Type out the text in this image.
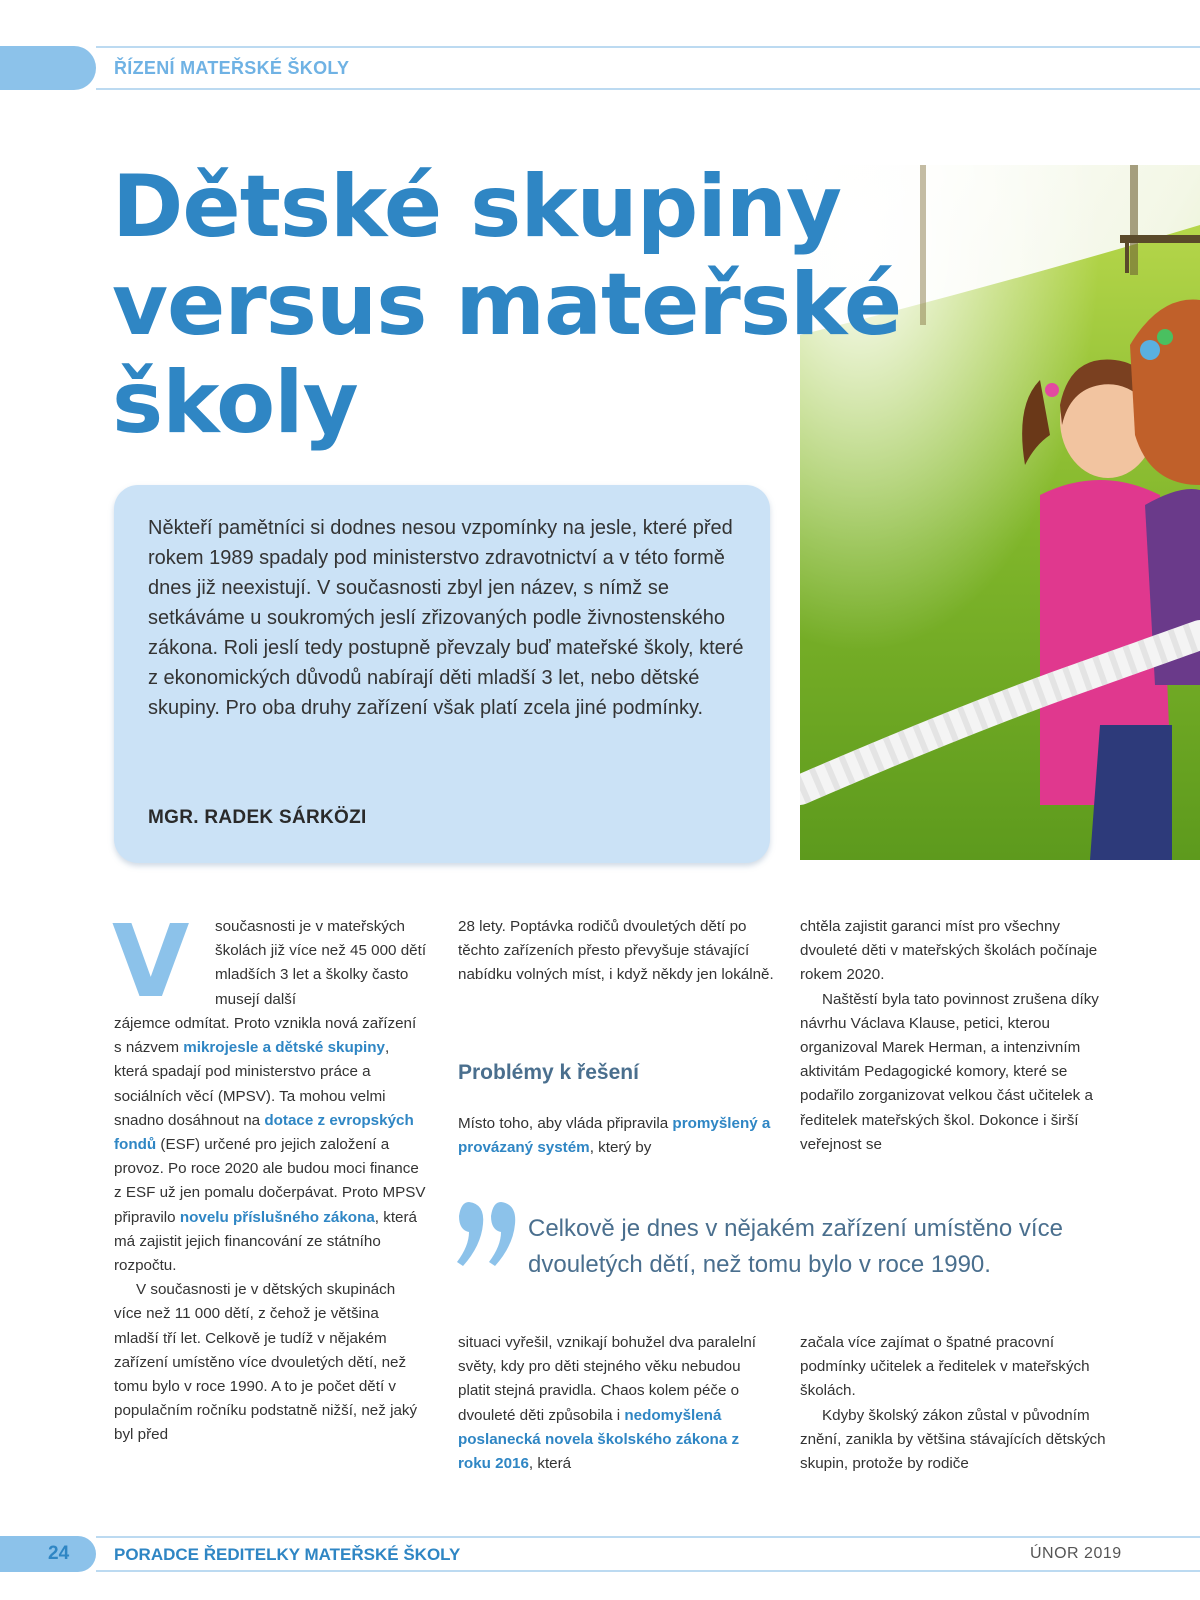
ŘÍZENÍ MATEŘSKÉ ŠKOLY
Dětské skupiny
versus mateřské
školy
Někteří pamětníci si dodnes nesou vzpomínky na jesle, které před rokem 1989 spadaly pod ministerstvo zdravotnictví a v této formě dnes již neexistují. V současnosti zbyl jen název, s nímž se setkáváme u soukromých jeslí zřizovaných podle živnostenského zákona. Roli jeslí tedy postupně převzaly buď mateřské školy, které z ekonomických důvodů nabírají děti mladší 3 let, nebo dětské skupiny. Pro oba druhy zařízení však platí zcela jiné podmínky.
MGR. RADEK SÁRKÖZI
V současnosti je v mateřských školách již více než 45 000 dětí mladších 3 let a školky často musejí další

zájemce odmítat. Proto vznikla nová zařízení s názvem mikrojesle a dětské skupiny, která spadají pod ministerstvo práce a sociálních věcí (MPSV). Ta mohou velmi snadno dosáhnout na dotace z evropských fondů (ESF) určené pro jejich založení a provoz. Po roce 2020 ale budou moci finance z ESF už jen pomalu dočerpávat. Proto MPSV připravilo novelu příslušného zákona, která má zajistit jejich financování ze státního rozpočtu.

V současnosti je v dětských skupinách více než 11 000 dětí, z čehož je většina mladší tří let. Celkově je tudíž v nějakém zařízení umístěno více dvouletých dětí, než tomu bylo v roce 1990. A to je počet dětí v populačním ročníku podstatně nižší, než jaký byl před

28 lety. Poptávka rodičů dvouletých dětí po těchto zařízeních přesto převyšuje stávající nabídku volných míst, i když někdy jen lokálně.

Problémy k řešení

Místo toho, aby vláda připravila promyšlený a provázaný systém, který by

chtěla zajistit garanci míst pro všechny dvouleté děti v mateřských školách počínaje rokem 2020.

Naštěstí byla tato povinnost zrušena díky návrhu Václava Klause, petici, kterou organizoval Marek Herman, a intenzivním aktivitám Pedagogické komory, které se podařilo zorganizovat velkou část učitelek a ředitelek mateřských škol. Dokonce i širší veřejnost se

Celkově je dnes v nějakém zařízení umístěno více dvouletých dětí, než tomu bylo v roce 1990.

situaci vyřešil, vznikají bohužel dva paralelní světy, kdy pro děti stejného věku nebudou platit stejná pravidla. Chaos kolem péče o dvouleté děti způsobila i nedomyšlená poslanecká novela školského zákona z roku 2016, která

začala více zajímat o špatné pracovní podmínky učitelek a ředitelek v mateřských školách.

Kdyby školský zákon zůstal v původním znění, zanikla by většina stávajících dětských skupin, protože by rodiče

24	PORADCE ŘEDITELKY MATEŘSKÉ ŠKOLY	ÚNOR 2019
